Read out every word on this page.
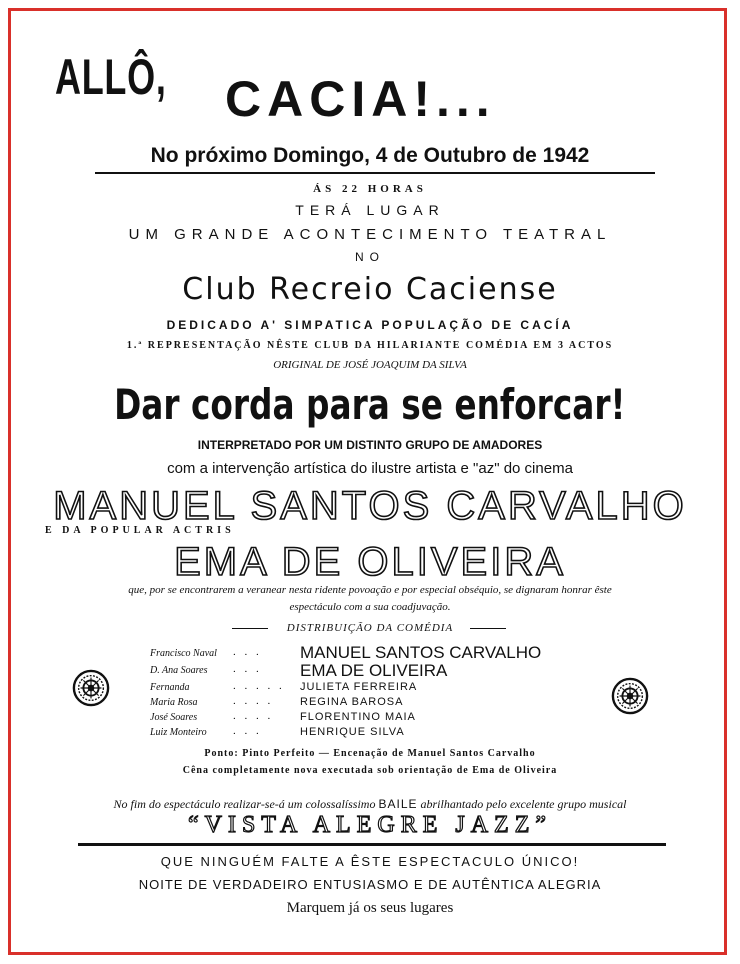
ALLÔ, CACIA!...
No próximo Domingo, 4 de Outubro de 1942
ÁS 22 HORAS
TERÁ LUGAR
UM GRANDE ACONTECIMENTO TEATRAL
NO
Club Recreio Caciense
DEDICADO A' SIMPATICA POPULAÇÃO DE CACÍA
1.ª REPRESENTAÇÃO NÊSTE CLUB DA HILARIANTE COMÉDIA EM 3 ACTOS
ORIGINAL DE JOSÉ JOAQUIM DA SILVA
Dar corda para se enforcar!
INTERPRETADO POR UM DISTINTO GRUPO DE AMADORES
com a intervenção artística do ilustre artista e "az" do cinema
MANUEL SANTOS CARVALHO
E DA POPULAR ACTRIS
EMA DE OLIVEIRA
que, por se encontrarem a veranear nesta ridente povoação e por especial obséquio, se dignaram honrar êste
espectáculo com a sua coadjuvação.
DISTRIBUIÇÃO DA COMÉDIA
Francisco Naval . . . MANUEL SANTOS CARVALHO
D. Ana Soares . . . EMA DE OLIVEIRA
Fernanda	. . . . . JULIETA FERREIRA
Maria Rosa	. . . . REGINA BAROSA
José Soares	. . . . FLORENTINO MAIA
Luiz Monteiro . . .	HENRIQUE SILVA
Ponto: Pinto Perfeito — Encenação de Manuel Santos Carvalho
Cêna completamente nova executada sob orientação de Ema de Oliveira
No fim do espectáculo realizar-se-á um colossalíssimo BAILE abrilhantado pelo excelente grupo musical
“VISTA ALEGRE JAZZ”
QUE NINGUÉM FALTE A ÊSTE ESPECTACULO ÚNICO!
NOITE DE VERDADEIRO ENTUSIASMO E DE AUTÊNTICA ALEGRIA
Marquem já os seus lugares
